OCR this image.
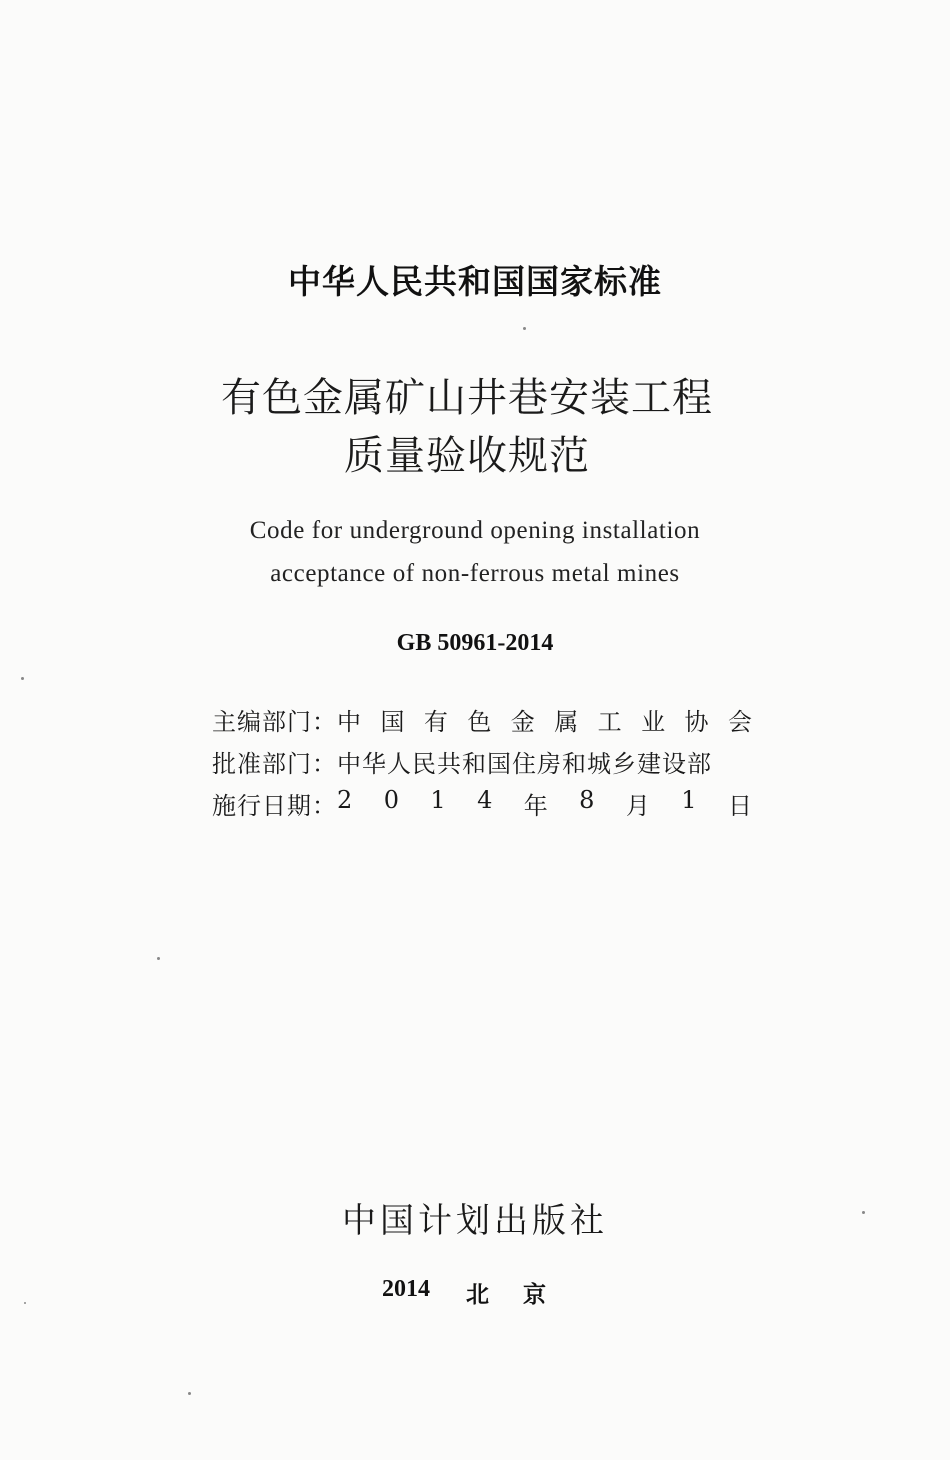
中华人民共和国国家标准
有色金属矿山井巷安装工程
质量验收规范
Code for underground opening installation
acceptance of non-ferrous metal mines
GB 50961-2014
主编部门： 中 国 有 色 金 属 工 业 协 会
批准部门： 中华人民共和国住房和城乡建设部
施行日期： 2 0 1 4 年 8 月 1 日
中国计划出版社
2014 北京
